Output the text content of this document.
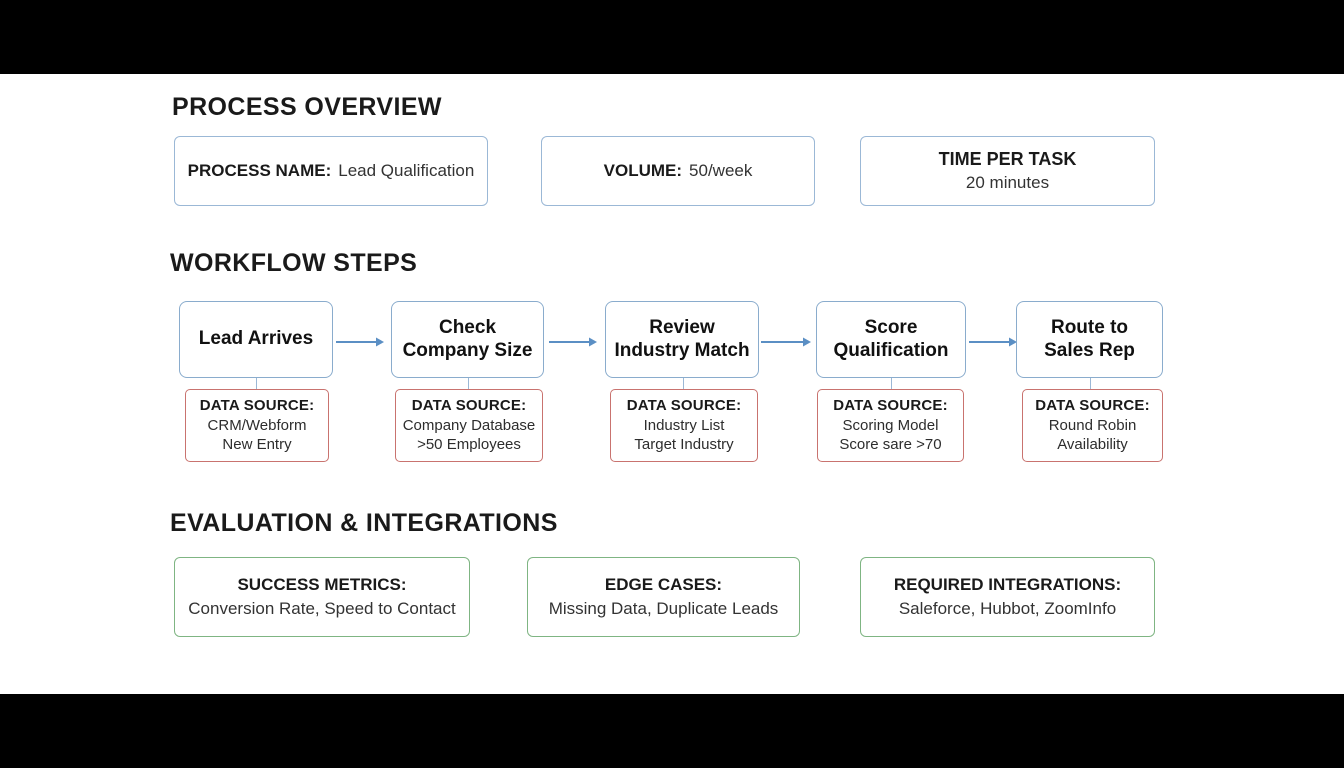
PROCESS OVERVIEW
PROCESS NAME: Lead Qualification	VOLUME: 50/week
TIME PER TASK
20 minutes
WORKFLOW STEPS
Lead Arrives
DATA SOURCE:
CRM/Webform
New Entry
Check
Company Size
DATA SOURCE:
Company Database
>50 Employees
Review
Industry Match
DATA SOURCE:
Industry List
Target Industry
Score
Qualification
DATA SOURCE:
Scoring Model
Score sare >70
Route to
Sales Rep
DATA SOURCE:
Round Robin
Availability
EVALUATION & INTEGRATIONS
SUCCESS METRICS:
Conversion Rate, Speed to Contact
EDGE CASES:
Missing Data, Duplicate Leads
REQUIRED INTEGRATIONS:
Saleforce, Hubbot, ZoomInfo
